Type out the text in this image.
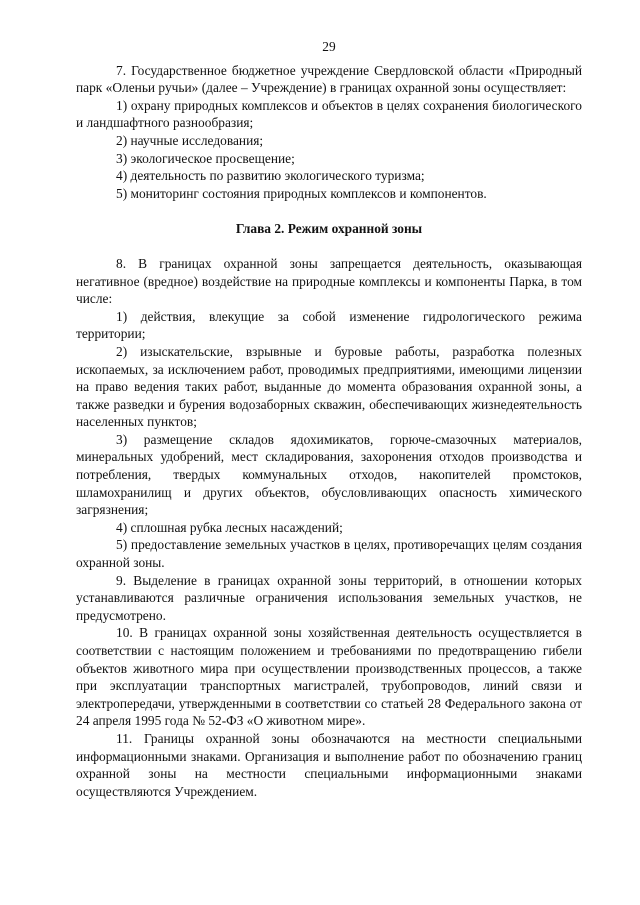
29

7. Государственное бюджетное учреждение Свердловской области «Природный парк «Оленьи ручьи» (далее – Учреждение) в границах охранной зоны осуществляет:

1) охрану природных комплексов и объектов в целях сохранения биологического и ландшафтного разнообразия;

2) научные исследования;

3) экологическое просвещение;

4) деятельность по развитию экологического туризма;

5) мониторинг состояния природных комплексов и компонентов.

Глава 2. Режим охранной зоны

8. В границах охранной зоны запрещается деятельность, оказывающая негативное (вредное) воздействие на природные комплексы и компоненты Парка, в том числе:

1) действия, влекущие за собой изменение гидрологического режима территории;

2) изыскательские, взрывные и буровые работы, разработка полезных ископаемых, за исключением работ, проводимых предприятиями, имеющими лицензии на право ведения таких работ, выданные до момента образования охранной зоны, а также разведки и бурения водозаборных скважин, обеспечивающих жизнедеятельность населенных пунктов;

3) размещение складов ядохимикатов, горюче-смазочных материалов, минеральных удобрений, мест складирования, захоронения отходов производства и потребления, твердых коммунальных отходов, накопителей промстоков, шламохранилищ и других объектов, обусловливающих опасность химического загрязнения;

4) сплошная рубка лесных насаждений;

5) предоставление земельных участков в целях, противоречащих целям создания охранной зоны.

9. Выделение в границах охранной зоны территорий, в отношении которых устанавливаются различные ограничения использования земельных участков, не предусмотрено.

10. В границах охранной зоны хозяйственная деятельность осуществляется в соответствии с настоящим положением и требованиями по предотвращению гибели объектов животного мира при осуществлении производственных процессов, а также при эксплуатации транспортных магистралей, трубопроводов, линий связи и электропередачи, утвержденными в соответствии со статьей 28 Федерального закона от 24 апреля 1995 года № 52-ФЗ «О животном мире».

11. Границы охранной зоны обозначаются на местности специальными информационными знаками. Организация и выполнение работ по обозначению границ охранной зоны на местности специальными информационными знаками осуществляются Учреждением.
